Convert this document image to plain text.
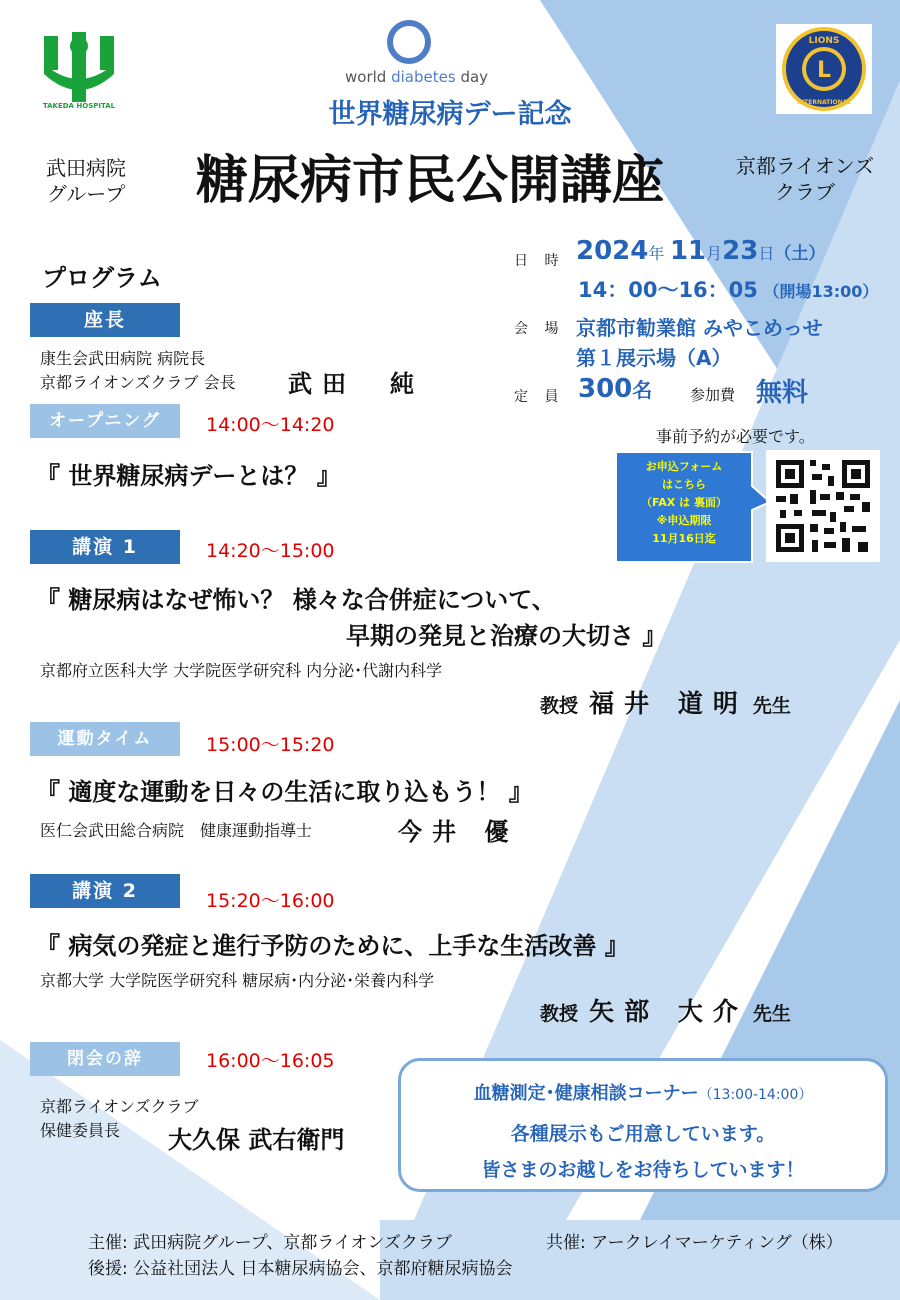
TAKEDA HOSPITAL
world diabetes day	L
LIONS
INTERNATIONAL
世界糖尿病デー記念
武田病院
グループ	糖尿病市民公開講座	京都ライオンズ
クラブ
日 時 2024年 11月23日（土）
14：00〜16：05 （開場13:00）
会 場 京都市勧業館 みやこめっせ
第１展示場（A）
定 員 300名	参加費 無料
事前予約が必要です。
お申込フォーム
はこちら
（FAX は 裏面）
※申込期限
11月16日迄
プログラム
座長
康生会武田病院 病院長
京都ライオンズクラブ 会長 武田　純
オープニング	14:00〜14:20
『 世界糖尿病デーとは？ 』
講演 1	14:20〜15:00
『 糖尿病はなぜ怖い？ 様々な合併症について、
早期の発見と治療の大切さ 』
京都府立医科大学 大学院医学研究科 内分泌･代謝内科学
教授 福井 道明 先生
運動タイム	15:00〜15:20
『 適度な運動を日々の生活に取り込もう！ 』
医仁会武田総合病院　健康運動指導士	今井 優
講演 2	15:20〜16:00
『 病気の発症と進行予防のために、上手な生活改善 』
京都大学 大学院医学研究科 糖尿病･内分泌･栄養内科学
教授 矢部 大介 先生
閉会の辞	16:00〜16:05
京都ライオンズクラブ
保健委員長 大久保 武右衛門
血糖測定･健康相談コーナー（13:00-14:00）
各種展示もご用意しています。
皆さまのお越しをお待ちしています！
主催: 武田病院グループ、京都ライオンズクラブ	共催: アークレイマーケティング（株）
後援: 公益社団法人 日本糖尿病協会、京都府糖尿病協会
